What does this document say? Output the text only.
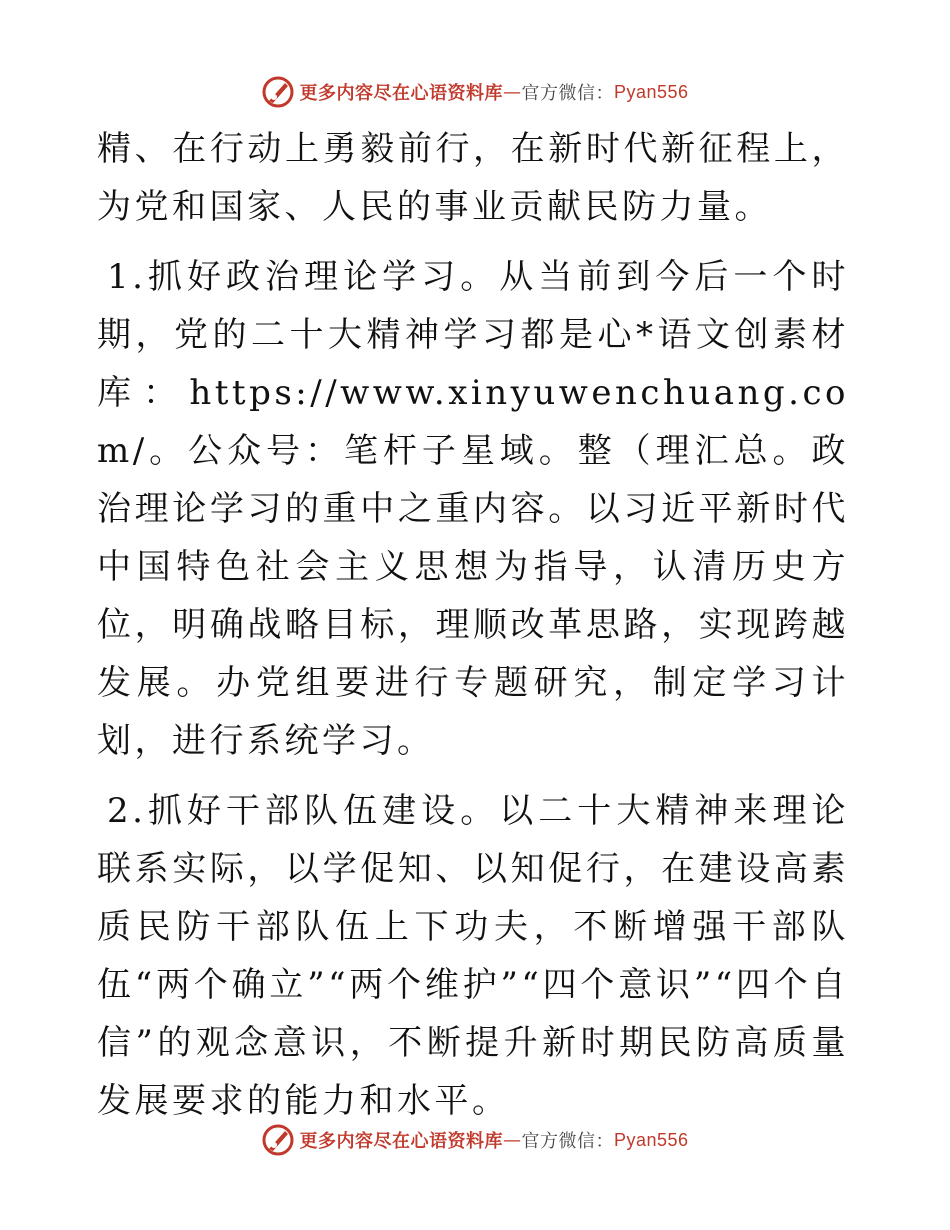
更多内容尽在心语资料库 — 官方微信： Pyan556

精、在行动上勇毅前行，在新时代新征程上，为党和国家、人民的事业贡献民防力量。

1.抓好政治理论学习。从当前到今后一个时期，党的二十大精神学习都是心*语文创素材库：https://www.xinyuwenchuang.com/。公众号：笔杆子星域。整（理汇总。政治理论学习的重中之重内容。以习近平新时代中国特色社会主义思想为指导，认清历史方位，明确战略目标，理顺改革思路，实现跨越发展。办党组要进行专题研究，制定学习计划，进行系统学习。

2.抓好干部队伍建设。以二十大精神来理论联系实际，以学促知、以知促行，在建设高素质民防干部队伍上下功夫，不断增强干部队伍“两个确立”“两个维护”“四个意识”“四个自信”的观念意识，不断提升新时期民防高质量发展要求的能力和水平。

更多内容尽在心语资料库 — 官方微信： Pyan556
